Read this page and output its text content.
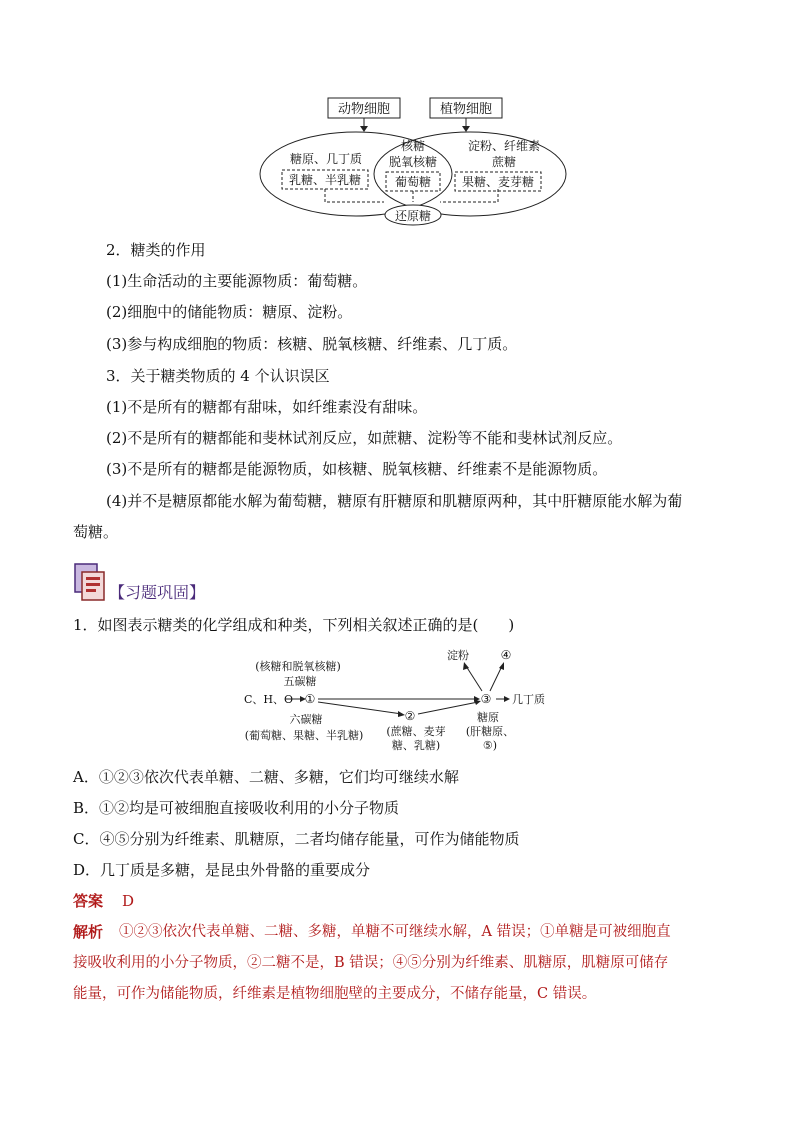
动物细胞	植物细胞
糖原、几丁质
乳糖、半乳糖
核糖
脱氧核糖
葡萄糖
淀粉、纤维素
蔗糖
果糖、麦芽糖
还原糖
2．糖类的作用
(1)生命活动的主要能源物质：葡萄糖。
(2)细胞中的储能物质：糖原、淀粉。
(3)参与构成细胞的物质：核糖、脱氧核糖、纤维素、几丁质。
3．关于糖类物质的 4 个认识误区
(1)不是所有的糖都有甜味，如纤维素没有甜味。
(2)不是所有的糖都能和斐林试剂反应，如蔗糖、淀粉等不能和斐林试剂反应。
(3)不是所有的糖都是能源物质，如核糖、脱氧核糖、纤维素不是能源物质。
(4)并不是糖原都能水解为葡萄糖，糖原有肝糖原和肌糖原两种，其中肝糖原能水解为葡
萄糖。
【习题巩固】
1．如图表示糖类的化学组成和种类，下列相关叙述正确的是(　　)
(核糖和脱氧核糖)
五碳糖
C、H、O ①
六碳糖
(葡萄糖、果糖、半乳糖)
②
(蔗糖、麦芽
糖、乳糖)
③
淀粉	④
几丁质
糖原
(肝糖原、
⑤)
A．①②③依次代表单糖、二糖、多糖，它们均可继续水解
B．①②均是可被细胞直接吸收利用的小分子物质
C．④⑤分别为纤维素、肌糖原，二者均储存能量，可作为储能物质
D．几丁质是多糖，是昆虫外骨骼的重要成分
答案 D
解析 ①②③依次代表单糖、二糖、多糖，单糖不可继续水解，A 错误；①单糖是可被细胞直
接吸收利用的小分子物质，②二糖不是，B 错误；④⑤分别为纤维素、肌糖原，肌糖原可储存
能量，可作为储能物质，纤维素是植物细胞壁的主要成分，不储存能量，C 错误。
